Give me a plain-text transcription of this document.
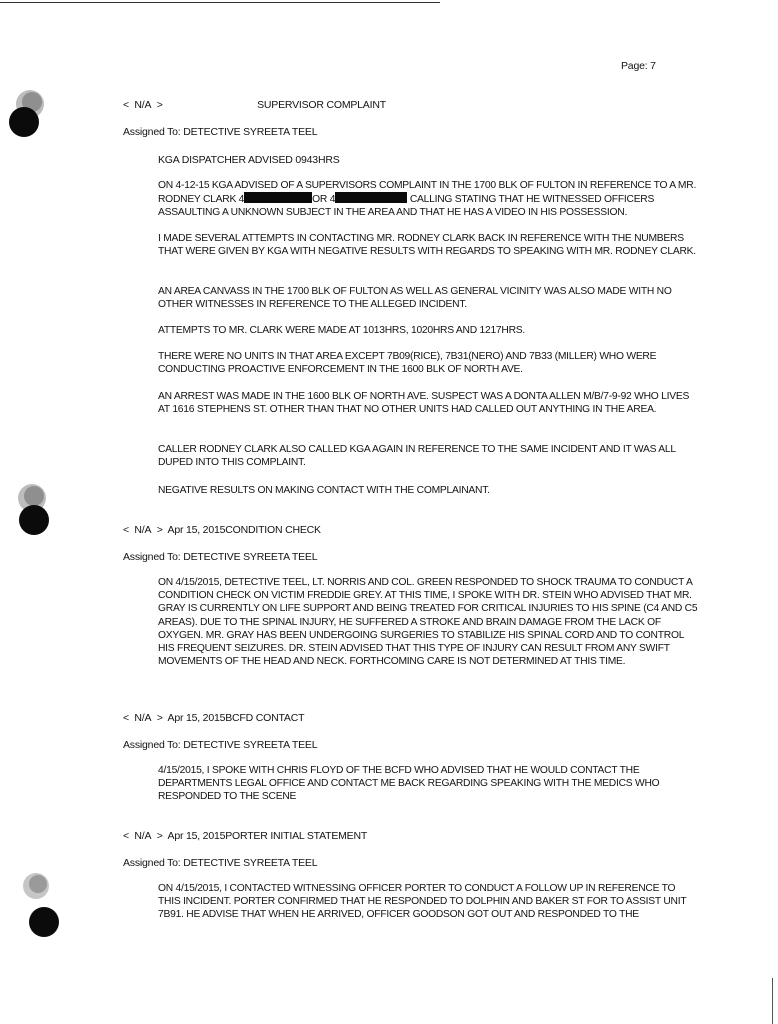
Page: 7
< N/A >	SUPERVISOR COMPLAINT
Assigned To: DETECTIVE SYREETA TEEL
KGA DISPATCHER ADVISED 0943HRS

ON 4-12-15 KGA ADVISED OF A SUPERVISORS COMPLAINT IN THE 1700 BLK OF FULTON IN REFERENCE TO A MR. RODNEY CLARK 4	OR 4	CALLING STATING THAT HE WITNESSED OFFICERS ASSAULTING A UNKNOWN SUBJECT IN THE AREA AND THAT HE HAS A VIDEO IN HIS POSSESSION.

I MADE SEVERAL ATTEMPTS IN CONTACTING MR. RODNEY CLARK BACK IN REFERENCE WITH THE NUMBERS THAT WERE GIVEN BY KGA WITH NEGATIVE RESULTS WITH REGARDS TO SPEAKING WITH MR. RODNEY CLARK.

AN AREA CANVASS IN THE 1700 BLK OF FULTON AS WELL AS GENERAL VICINITY WAS ALSO MADE WITH NO OTHER WITNESSES IN REFERENCE TO THE ALLEGED INCIDENT.

ATTEMPTS TO MR. CLARK WERE MADE AT 1013HRS, 1020HRS AND 1217HRS.

THERE WERE NO UNITS IN THAT AREA EXCEPT 7B09(RICE), 7B31(NERO) AND 7B33 (MILLER) WHO WERE CONDUCTING PROACTIVE ENFORCEMENT IN THE 1600 BLK OF NORTH AVE.

AN ARREST WAS MADE IN THE 1600 BLK OF NORTH AVE. SUSPECT WAS A DONTA ALLEN M/B/7-9-92 WHO LIVES AT 1616 STEPHENS ST. OTHER THAN THAT NO OTHER UNITS HAD CALLED OUT ANYTHING IN THE AREA.

CALLER RODNEY CLARK ALSO CALLED KGA AGAIN IN REFERENCE TO THE SAME INCIDENT AND IT WAS ALL DUPED INTO THIS COMPLAINT.

NEGATIVE RESULTS ON MAKING CONTACT WITH THE COMPLAINANT.

< N/A > Apr 15, 2015CONDITION CHECK
Assigned To: DETECTIVE SYREETA TEEL

ON 4/15/2015, DETECTIVE TEEL, LT. NORRIS AND COL. GREEN RESPONDED TO SHOCK TRAUMA TO CONDUCT A CONDITION CHECK ON VICTIM FREDDIE GREY. AT THIS TIME, I SPOKE WITH DR. STEIN WHO ADVISED THAT MR. GRAY IS CURRENTLY ON LIFE SUPPORT AND BEING TREATED FOR CRITICAL INJURIES TO HIS SPINE (C4 AND C5 AREAS). DUE TO THE SPINAL INJURY, HE SUFFERED A STROKE AND BRAIN DAMAGE FROM THE LACK OF OXYGEN. MR. GRAY HAS BEEN UNDERGOING SURGERIES TO STABILIZE HIS SPINAL CORD AND TO CONTROL HIS FREQUENT SEIZURES. DR. STEIN ADVISED THAT THIS TYPE OF INJURY CAN RESULT FROM ANY SWIFT MOVEMENTS OF THE HEAD AND NECK. FORTHCOMING CARE IS NOT DETERMINED AT THIS TIME.

< N/A > Apr 15, 2015BCFD CONTACT
Assigned To: DETECTIVE SYREETA TEEL

4/15/2015, I SPOKE WITH CHRIS FLOYD OF THE BCFD WHO ADVISED THAT HE WOULD CONTACT THE DEPARTMENTS LEGAL OFFICE AND CONTACT ME BACK REGARDING SPEAKING WITH THE MEDICS WHO RESPONDED TO THE SCENE

< N/A > Apr 15, 2015PORTER INITIAL STATEMENT
Assigned To: DETECTIVE SYREETA TEEL

ON 4/15/2015, I CONTACTED WITNESSING OFFICER PORTER TO CONDUCT A FOLLOW UP IN REFERENCE TO THIS INCIDENT. PORTER CONFIRMED THAT HE RESPONDED TO DOLPHIN AND BAKER ST FOR TO ASSIST UNIT 7B91. HE ADVISE THAT WHEN HE ARRIVED, OFFICER GOODSON GOT OUT AND RESPONDED TO THE
